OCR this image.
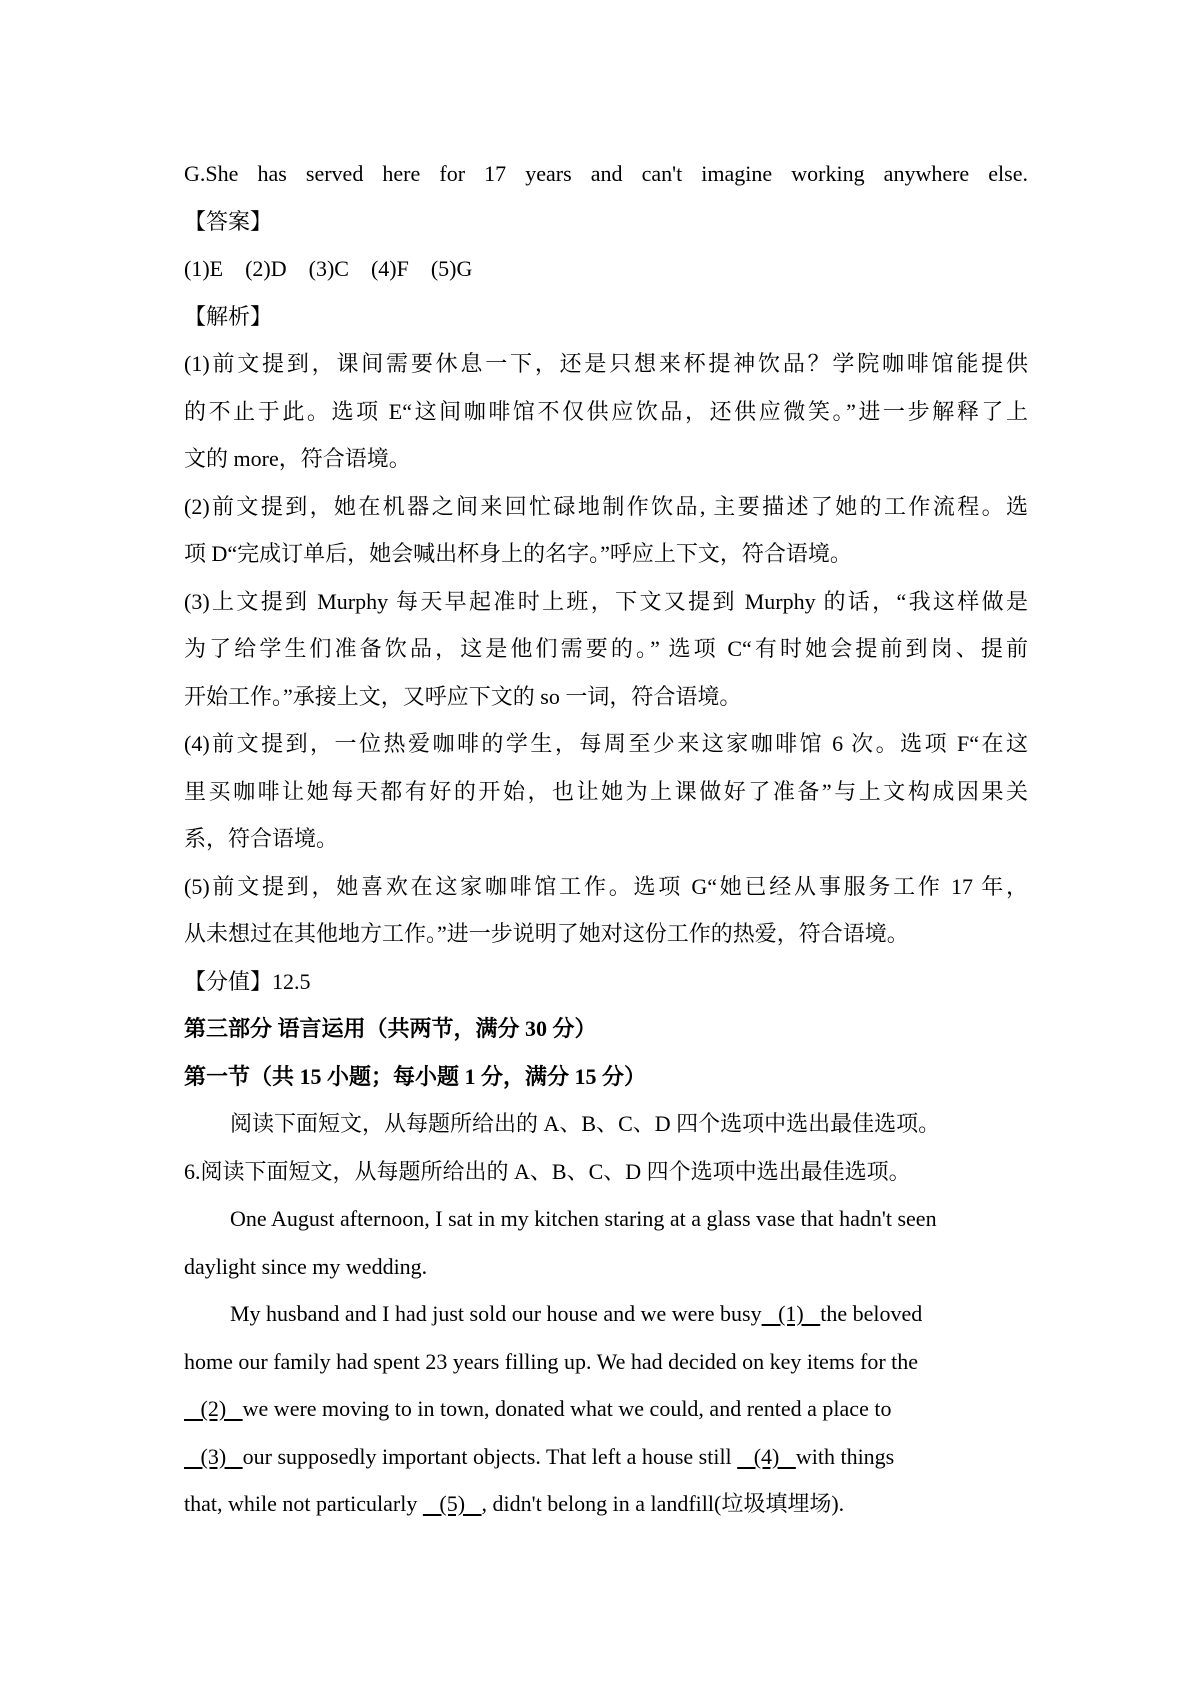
G.She has served here for 17 years and can't imagine working anywhere else.

【答案】

(1)E    (2)D    (3)C    (4)F    (5)G

【解析】

(1)前文提到，课间需要休息一下，还是只想来杯提神饮品？学院咖啡馆能提供

的不止于此。选项 E“这间咖啡馆不仅供应饮品，还供应微笑。”进一步解释了上

文的 more，符合语境。

(2)前文提到，她在机器之间来回忙碌地制作饮品, 主要描述了她的工作流程。选

项 D“完成订单后，她会喊出杯身上的名字。”呼应上下文，符合语境。

(3)上文提到 Murphy 每天早起准时上班，下文又提到 Murphy 的话，“我这样做是

为了给学生们准备饮品，这是他们需要的。” 选项 C“有时她会提前到岗、提前

开始工作。”承接上文，又呼应下文的 so 一词，符合语境。

(4)前文提到，一位热爱咖啡的学生，每周至少来这家咖啡馆 6 次。选项 F“在这

里买咖啡让她每天都有好的开始，也让她为上课做好了准备”与上文构成因果关

系，符合语境。

(5)前文提到，她喜欢在这家咖啡馆工作。选项 G“她已经从事服务工作 17 年，

从未想过在其他地方工作。”进一步说明了她对这份工作的热爱，符合语境。

【分值】12.5

第三部分 语言运用（共两节，满分 30 分）

第一节（共 15 小题；每小题 1 分，满分 15 分）

阅读下面短文，从每题所给出的 A、B、C、D 四个选项中选出最佳选项。

6.阅读下面短文，从每题所给出的 A、B、C、D 四个选项中选出最佳选项。

One August afternoon, I sat in my kitchen staring at a glass vase that hadn't seen

daylight since my wedding.

My husband and I had just sold our house and we were busy   (1)   the beloved

home our family had spent 23 years filling up. We had decided on key items for the

(2)   we were moving to in town, donated what we could, and rented a place to

(3)   our supposedly important objects. That left a house still    (4)   with things

that, while not particularly    (5)   , didn't belong in a landfill(垃圾填埋场).
